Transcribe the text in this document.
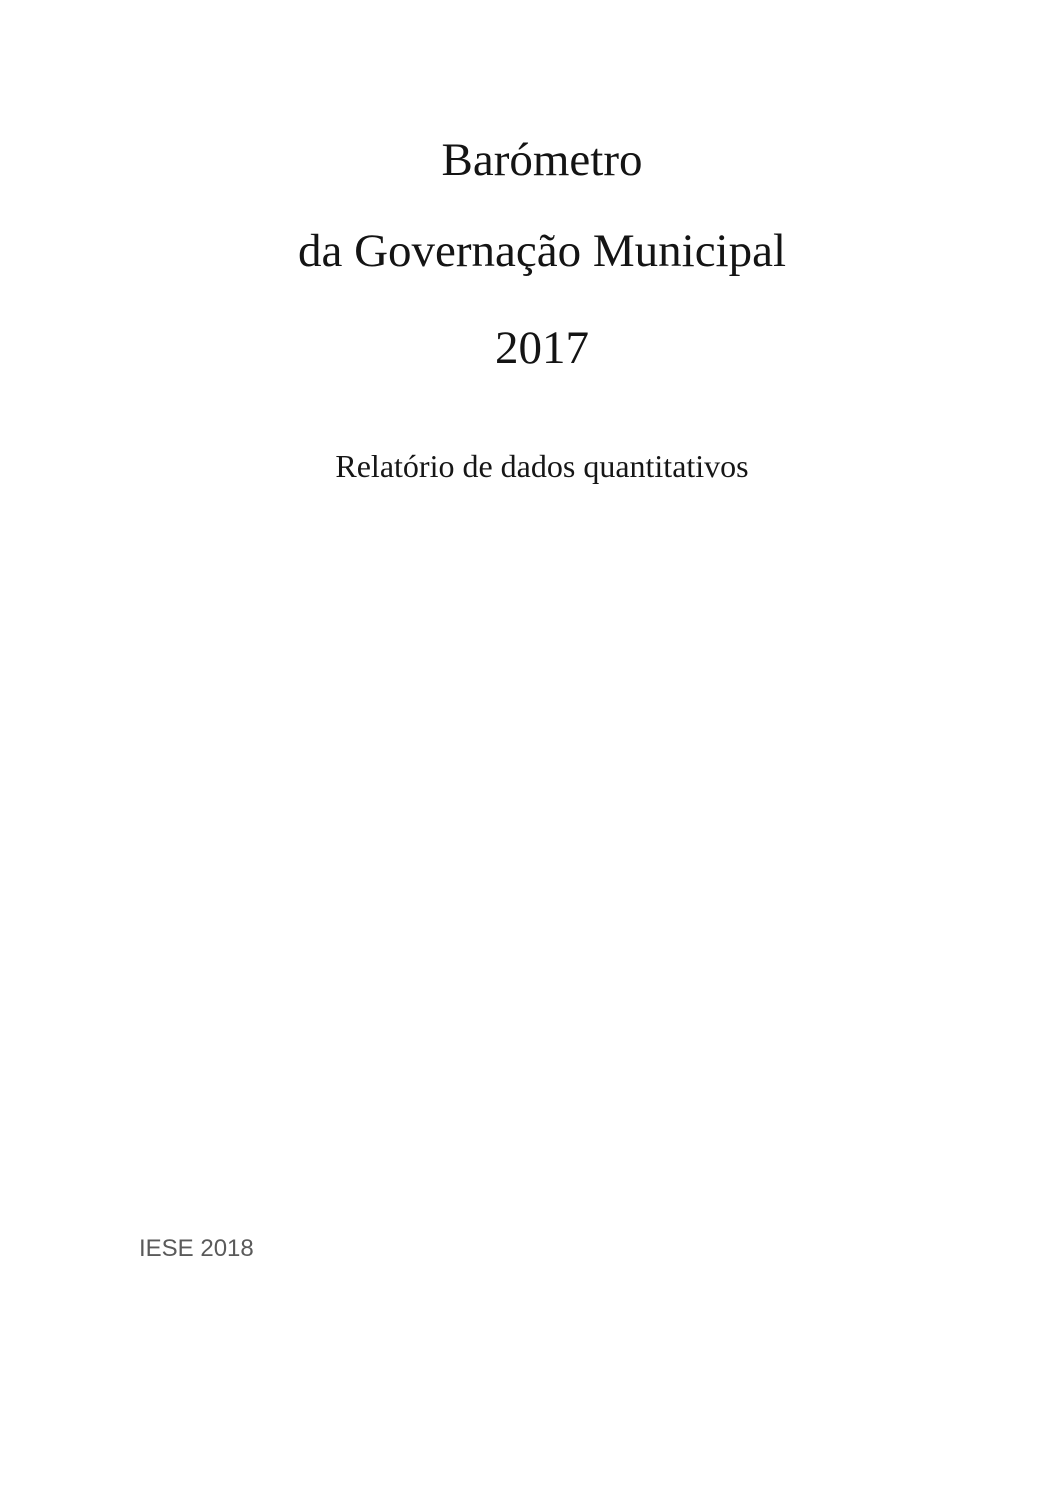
Barómetro
da Governação Municipal
2017
Relatório de dados quantitativos
IESE 2018
